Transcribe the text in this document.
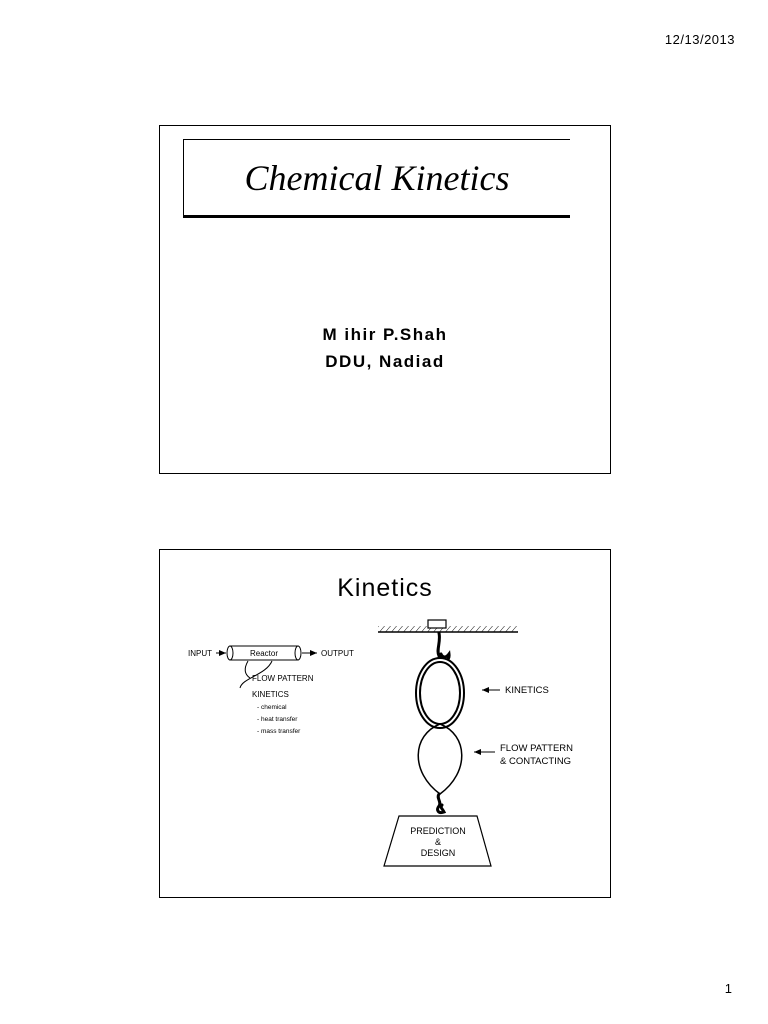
12/13/2013
Chemical Kinetics
M ihir P.Shah
DDU, Nadiad
Kinetics
INPUT	Reactor	OUTPUT
FLOW PATTERN
KINETICS
- chemical
- heat transfer
- mass transfer
PREDICTION
&
DESIGN
KINETICS
FLOW PATTERN
& CONTACTING
1
